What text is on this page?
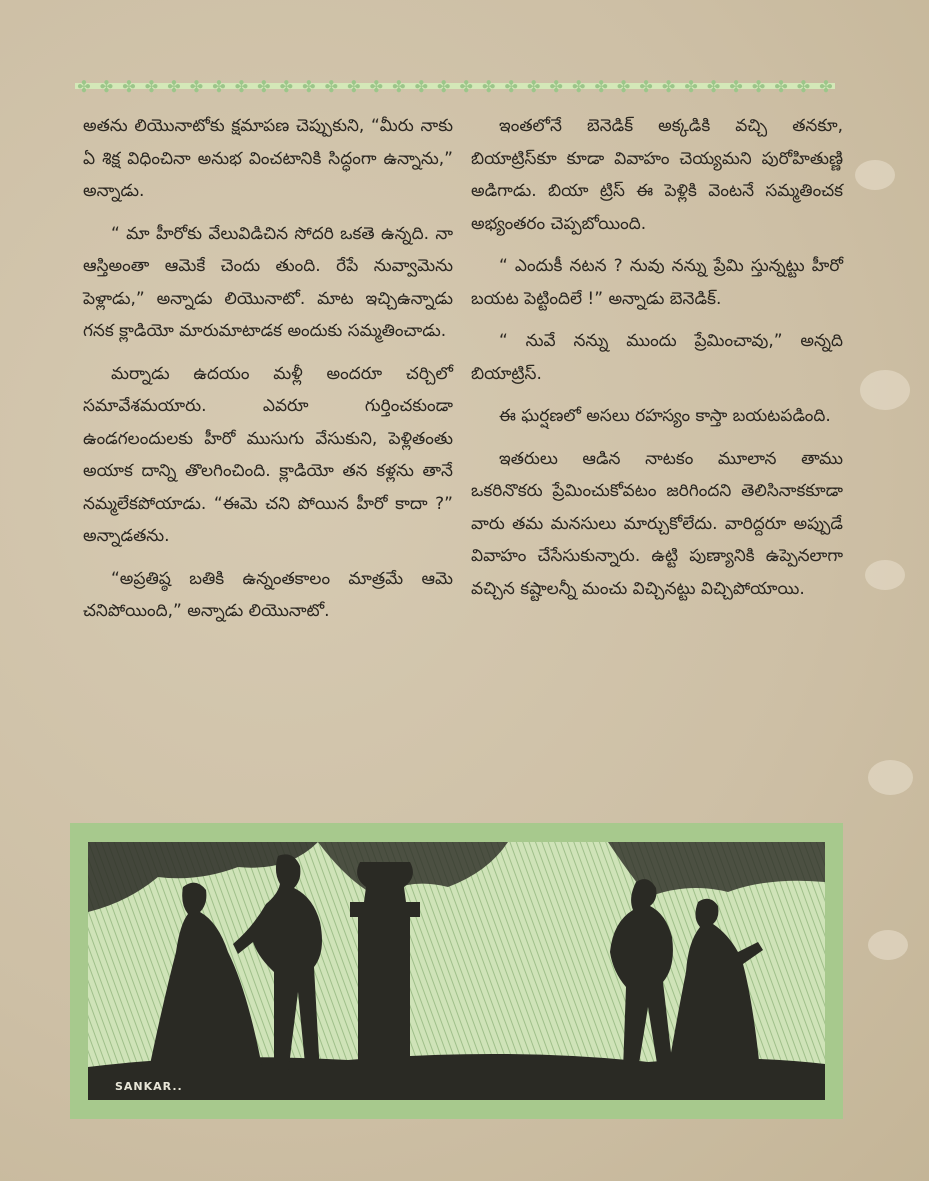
✤ ✤ ✤ ✤ ✤ ✤ ✤ ✤ ✤ ✤ ✤ ✤ ✤ ✤ ✤ ✤ ✤ ✤ ✤ ✤ ✤ ✤ ✤ ✤ ✤ ✤ ✤ ✤ ✤ ✤ ✤ ✤ ✤ ✤

అతను లియొనాటోకు క్షమాపణ చెప్పుకుని, “మీరు నాకు ఏ శిక్ష విధించినా అనుభ వించటానికి సిద్ధంగా ఉన్నాను,” అన్నాడు.

“ మా హీరోకు వేలువిడిచిన సోదరి ఒకతె ఉన్నది. నా ఆస్తిఅంతా ఆమెకే చెందు తుంది. రేపే నువ్వామెను పెళ్లాడు,” అన్నాడు లియొనాటో. మాట ఇచ్చిఉన్నాడు గనక క్లాడియో మారుమాటాడక అందుకు సమ్మతించాడు.

మర్నాడు ఉదయం మళ్లీ అందరూ చర్చిలో సమావేశమయారు. ఎవరూ గుర్తించకుండా ఉండగలందులకు హీరో ముసుగు వేసుకుని, పెళ్లితంతు అయాక దాన్ని తొలగించింది. క్లాడియో తన కళ్లను తానే నమ్మలేకపోయాడు. “ఈమె చని పోయిన హీరో కాదా ?” అన్నాడతను.

“అప్రతిష్ఠ బతికి ఉన్నంతకాలం మాత్రమే ఆమె చనిపోయింది,” అన్నాడు లియొనాటో.

ఇంతలోనే బెనెడిక్ అక్కడికి వచ్చి తనకూ, బియాట్రిస్‌కూ కూడా వివాహం చెయ్యమని పురోహితుణ్ణి అడిగాడు. బియా ట్రిస్ ఈ పెళ్లికి వెంటనే సమ్మతించక అభ్యంతరం చెప్పబోయింది.

“ ఎందుకీ నటన ? నువు నన్ను ప్రేమి స్తున్నట్టు హీరో బయట పెట్టిందిలే !” అన్నాడు బెనెడిక్.

“ నువే నన్ను ముందు ప్రేమించావు,” అన్నది బియాట్రిస్.

ఈ ఘర్షణలో అసలు రహస్యం కాస్తా బయటపడింది.

ఇతరులు ఆడిన నాటకం మూలాన తాము ఒకరినొకరు ప్రేమించుకోవటం జరిగిందని తెలిసినాకకూడా వారు తమ మనసులు మార్చుకోలేదు. వారిద్దరూ అప్పుడే వివాహం చేసేసుకున్నారు. ఉట్టి పుణ్యానికి ఉప్పెనలాగా వచ్చిన కష్టాలన్నీ మంచు విచ్చినట్టు విచ్చిపోయాయి.

SANKAR..
